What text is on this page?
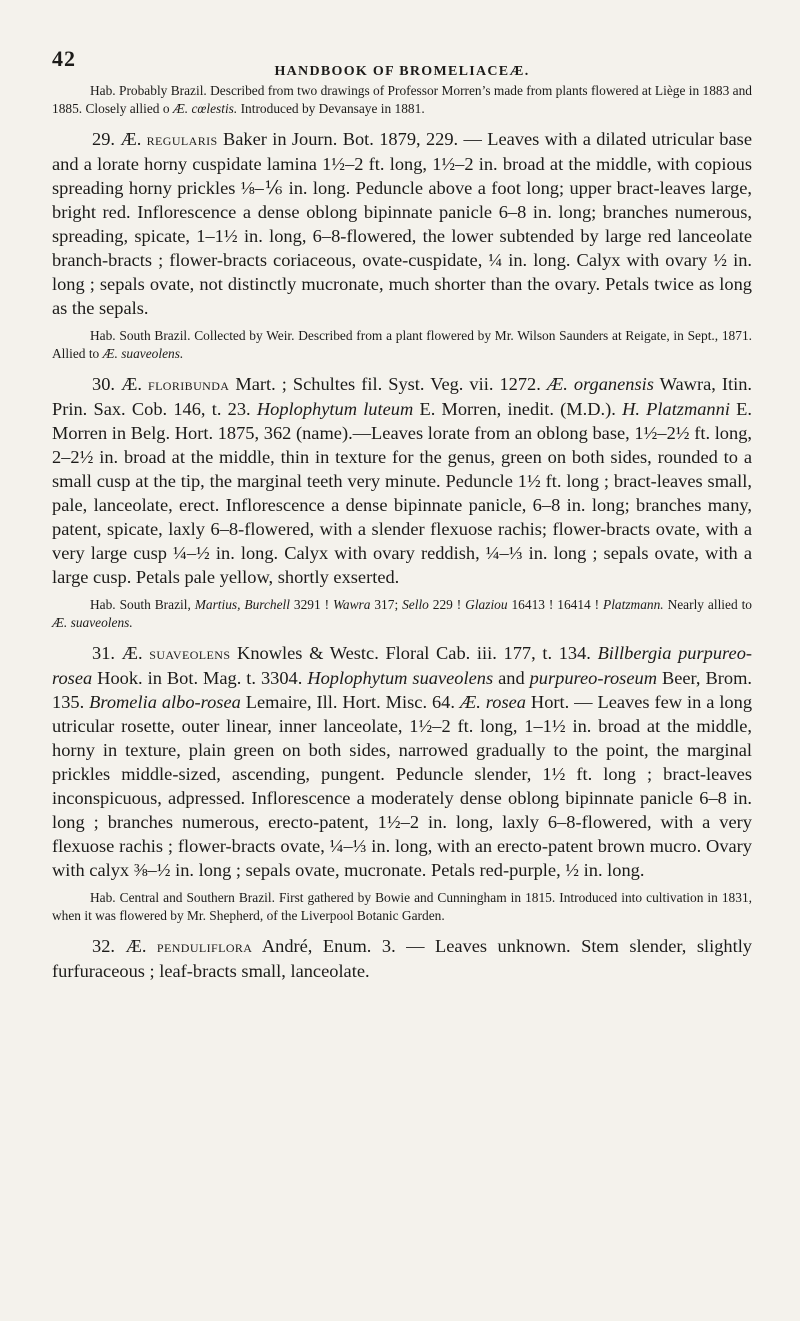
42
HANDBOOK OF BROMELIACEÆ.

Hab. Probably Brazil. Described from two drawings of Professor Morren’s made from plants flowered at Liège in 1883 and 1885. Closely allied o Æ. cœlestis. Introduced by Devansaye in 1881.

29. Æ. regularis Baker in Journ. Bot. 1879, 229. — Leaves with a dilated utricular base and a lorate horny cuspidate lamina 1½–2 ft. long, 1½–2 in. broad at the middle, with copious spreading horny prickles ⅛–⅙ in. long. Peduncle above a foot long; upper bract-leaves large, bright red. Inflorescence a dense oblong bipinnate panicle 6–8 in. long; branches numerous, spreading, spicate, 1–1½ in. long, 6–8-flowered, the lower subtended by large red lanceolate branch-bracts ; flower-bracts coriaceous, ovate-cuspidate, ¼ in. long. Calyx with ovary ½ in. long ; sepals ovate, not distinctly mucronate, much shorter than the ovary. Petals twice as long as the sepals.

Hab. South Brazil. Collected by Weir. Described from a plant flowered by Mr. Wilson Saunders at Reigate, in Sept., 1871. Allied to Æ. suaveolens.

30. Æ. floribunda Mart. ; Schultes fil. Syst. Veg. vii. 1272. Æ. organensis Wawra, Itin. Prin. Sax. Cob. 146, t. 23. Hoplophytum luteum E. Morren, inedit. (M.D.). H. Platzmanni E. Morren in Belg. Hort. 1875, 362 (name).—Leaves lorate from an oblong base, 1½–2½ ft. long, 2–2½ in. broad at the middle, thin in texture for the genus, green on both sides, rounded to a small cusp at the tip, the marginal teeth very minute. Peduncle 1½ ft. long ; bract-leaves small, pale, lanceolate, erect. Inflorescence a dense bipinnate panicle, 6–8 in. long; branches many, patent, spicate, laxly 6–8-flowered, with a slender flexuose rachis; flower-bracts ovate, with a very large cusp ¼–½ in. long. Calyx with ovary reddish, ¼–⅓ in. long ; sepals ovate, with a large cusp. Petals pale yellow, shortly exserted.

Hab. South Brazil, Martius, Burchell 3291 ! Wawra 317; Sello 229 ! Glaziou 16413 ! 16414 ! Platzmann. Nearly allied to Æ. suaveolens.

31. Æ. suaveolens Knowles & Westc. Floral Cab. iii. 177, t. 134. Billbergia purpureo-rosea Hook. in Bot. Mag. t. 3304. Hoplophytum suaveolens and purpureo-roseum Beer, Brom. 135. Bromelia albo-rosea Lemaire, Ill. Hort. Misc. 64. Æ. rosea Hort. — Leaves few in a long utricular rosette, outer linear, inner lanceolate, 1½–2 ft. long, 1–1½ in. broad at the middle, horny in texture, plain green on both sides, narrowed gradually to the point, the marginal prickles middle-sized, ascending, pungent. Peduncle slender, 1½ ft. long ; bract-leaves inconspicuous, adpressed. Inflorescence a moderately dense oblong bipinnate panicle 6–8 in. long ; branches numerous, erecto-patent, 1½–2 in. long, laxly 6–8-flowered, with a very flexuose rachis ; flower-bracts ovate, ¼–⅓ in. long, with an erecto-patent brown mucro. Ovary with calyx ⅜–½ in. long ; sepals ovate, mucronate. Petals red-purple, ½ in. long.

Hab. Central and Southern Brazil. First gathered by Bowie and Cunningham in 1815. Introduced into cultivation in 1831, when it was flowered by Mr. Shepherd, of the Liverpool Botanic Garden.

32. Æ. penduliflora André, Enum. 3. — Leaves unknown. Stem slender, slightly furfuraceous ; leaf-bracts small, lanceolate.
